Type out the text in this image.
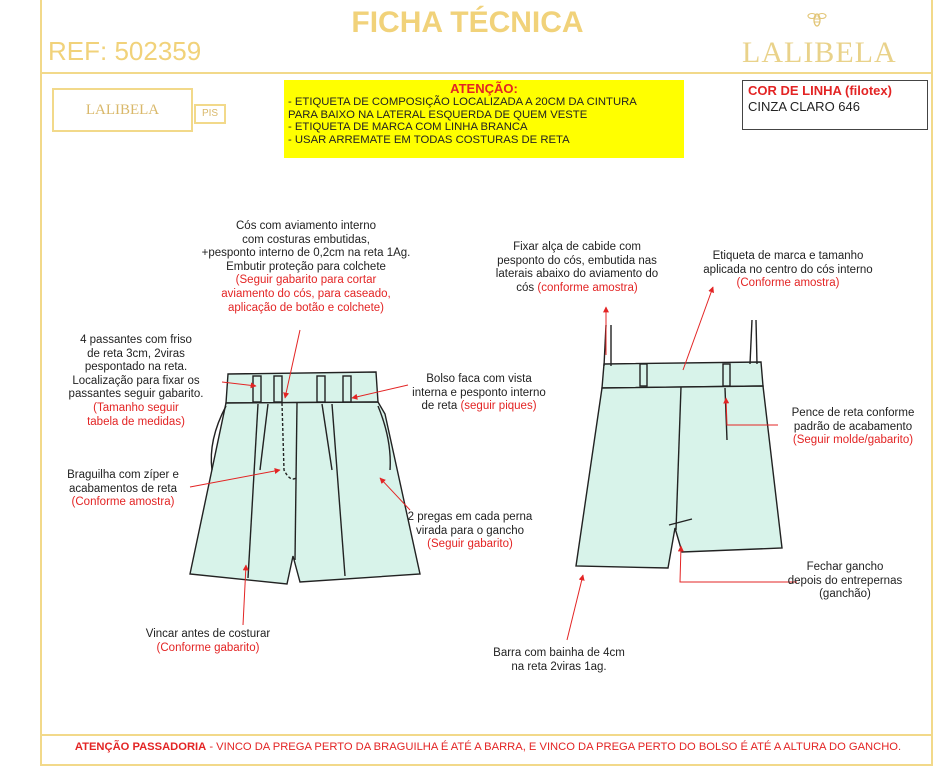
FICHA TÉCNICA
REF: 502359	LALIBELA
LALIBELA	PIS
ATENÇÃO:
- ETIQUETA DE COMPOSIÇÃO LOCALIZADA A 20CM DA CINTURA
PARA BAIXO NA LATERAL ESQUERDA DE QUEM VESTE
- ETIQUETA DE MARCA COM LINHA BRANCA
- USAR ARREMATE EM TODAS COSTURAS DE RETA
COR DE LINHA (filotex)
CINZA CLARO 646
Cós com aviamento interno
com costuras embutidas,
+pesponto interno de 0,2cm na reta 1Ag.
Embutir proteção para colchete
(Seguir gabarito para cortar
aviamento do cós, para caseado,
aplicação de botão e colchete)
4 passantes com friso
de reta 3cm, 2viras
pespontado na reta.
Localização para fixar os
passantes seguir gabarito.
(Tamanho seguir
tabela de medidas)
Bolso faca com vista
interna e pesponto interno
de reta (seguir piques)
Braguilha com zíper e
acabamentos de reta
(Conforme amostra)
2 pregas em cada perna
virada para o gancho
(Seguir gabarito)
Vincar antes de costurar
(Conforme gabarito)
Fixar alça de cabide com
pesponto do cós, embutida nas
laterais abaixo do aviamento do
cós (conforme amostra)
Etiqueta de marca e tamanho
aplicada no centro do cós interno
(Conforme amostra)
Pence de reta conforme
padrão de acabamento
(Seguir molde/gabarito)
Fechar gancho
depois do entrepernas
(ganchão)
Barra com bainha de 4cm
na reta 2viras 1ag.
ATENÇÃO PASSADORIA - VINCO DA PREGA PERTO DA BRAGUILHA É ATÉ A BARRA, E VINCO DA PREGA PERTO DO BOLSO É ATÉ A ALTURA DO GANCHO.
